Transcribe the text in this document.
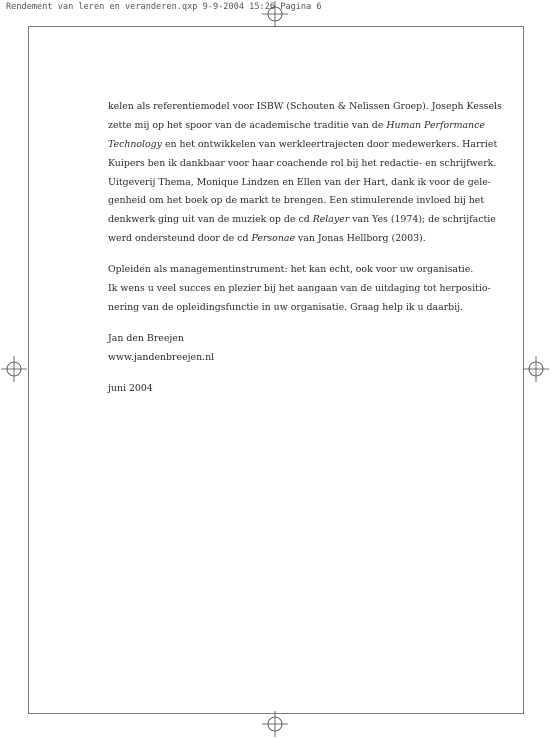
Rendement van leren en veranderen.qxp 9-9-2004 15:26 Pagina 6
kelen als referentiemodel voor ISBW (Schouten & Nelissen Groep). Joseph Kessels
zette mij op het spoor van de academische traditie van de Human Performance
Technology en het ontwikkelen van werkleertrajecten door medewerkers. Harriet
Kuipers ben ik dankbaar voor haar coachende rol bij het redactie- en schrijfwerk.
Uitgeverij Thema, Monique Lindzen en Ellen van der Hart, dank ik voor de gele-
genheid om het boek op de markt te brengen. Een stimulerende invloed bij het
denkwerk ging uit van de muziek op de cd Relayer van Yes (1974); de schrijfactie
werd ondersteund door de cd Personae van Jonas Hellborg (2003).
Opleiden als managementinstrument: het kan echt, ook voor uw organisatie.
Ik wens u veel succes en plezier bij het aangaan van de uitdaging tot herpositio-
nering van de opleidingsfunctie in uw organisatie. Graag help ik u daarbij.
Jan den Breejen
www.jandenbreejen.nl
juni 2004
